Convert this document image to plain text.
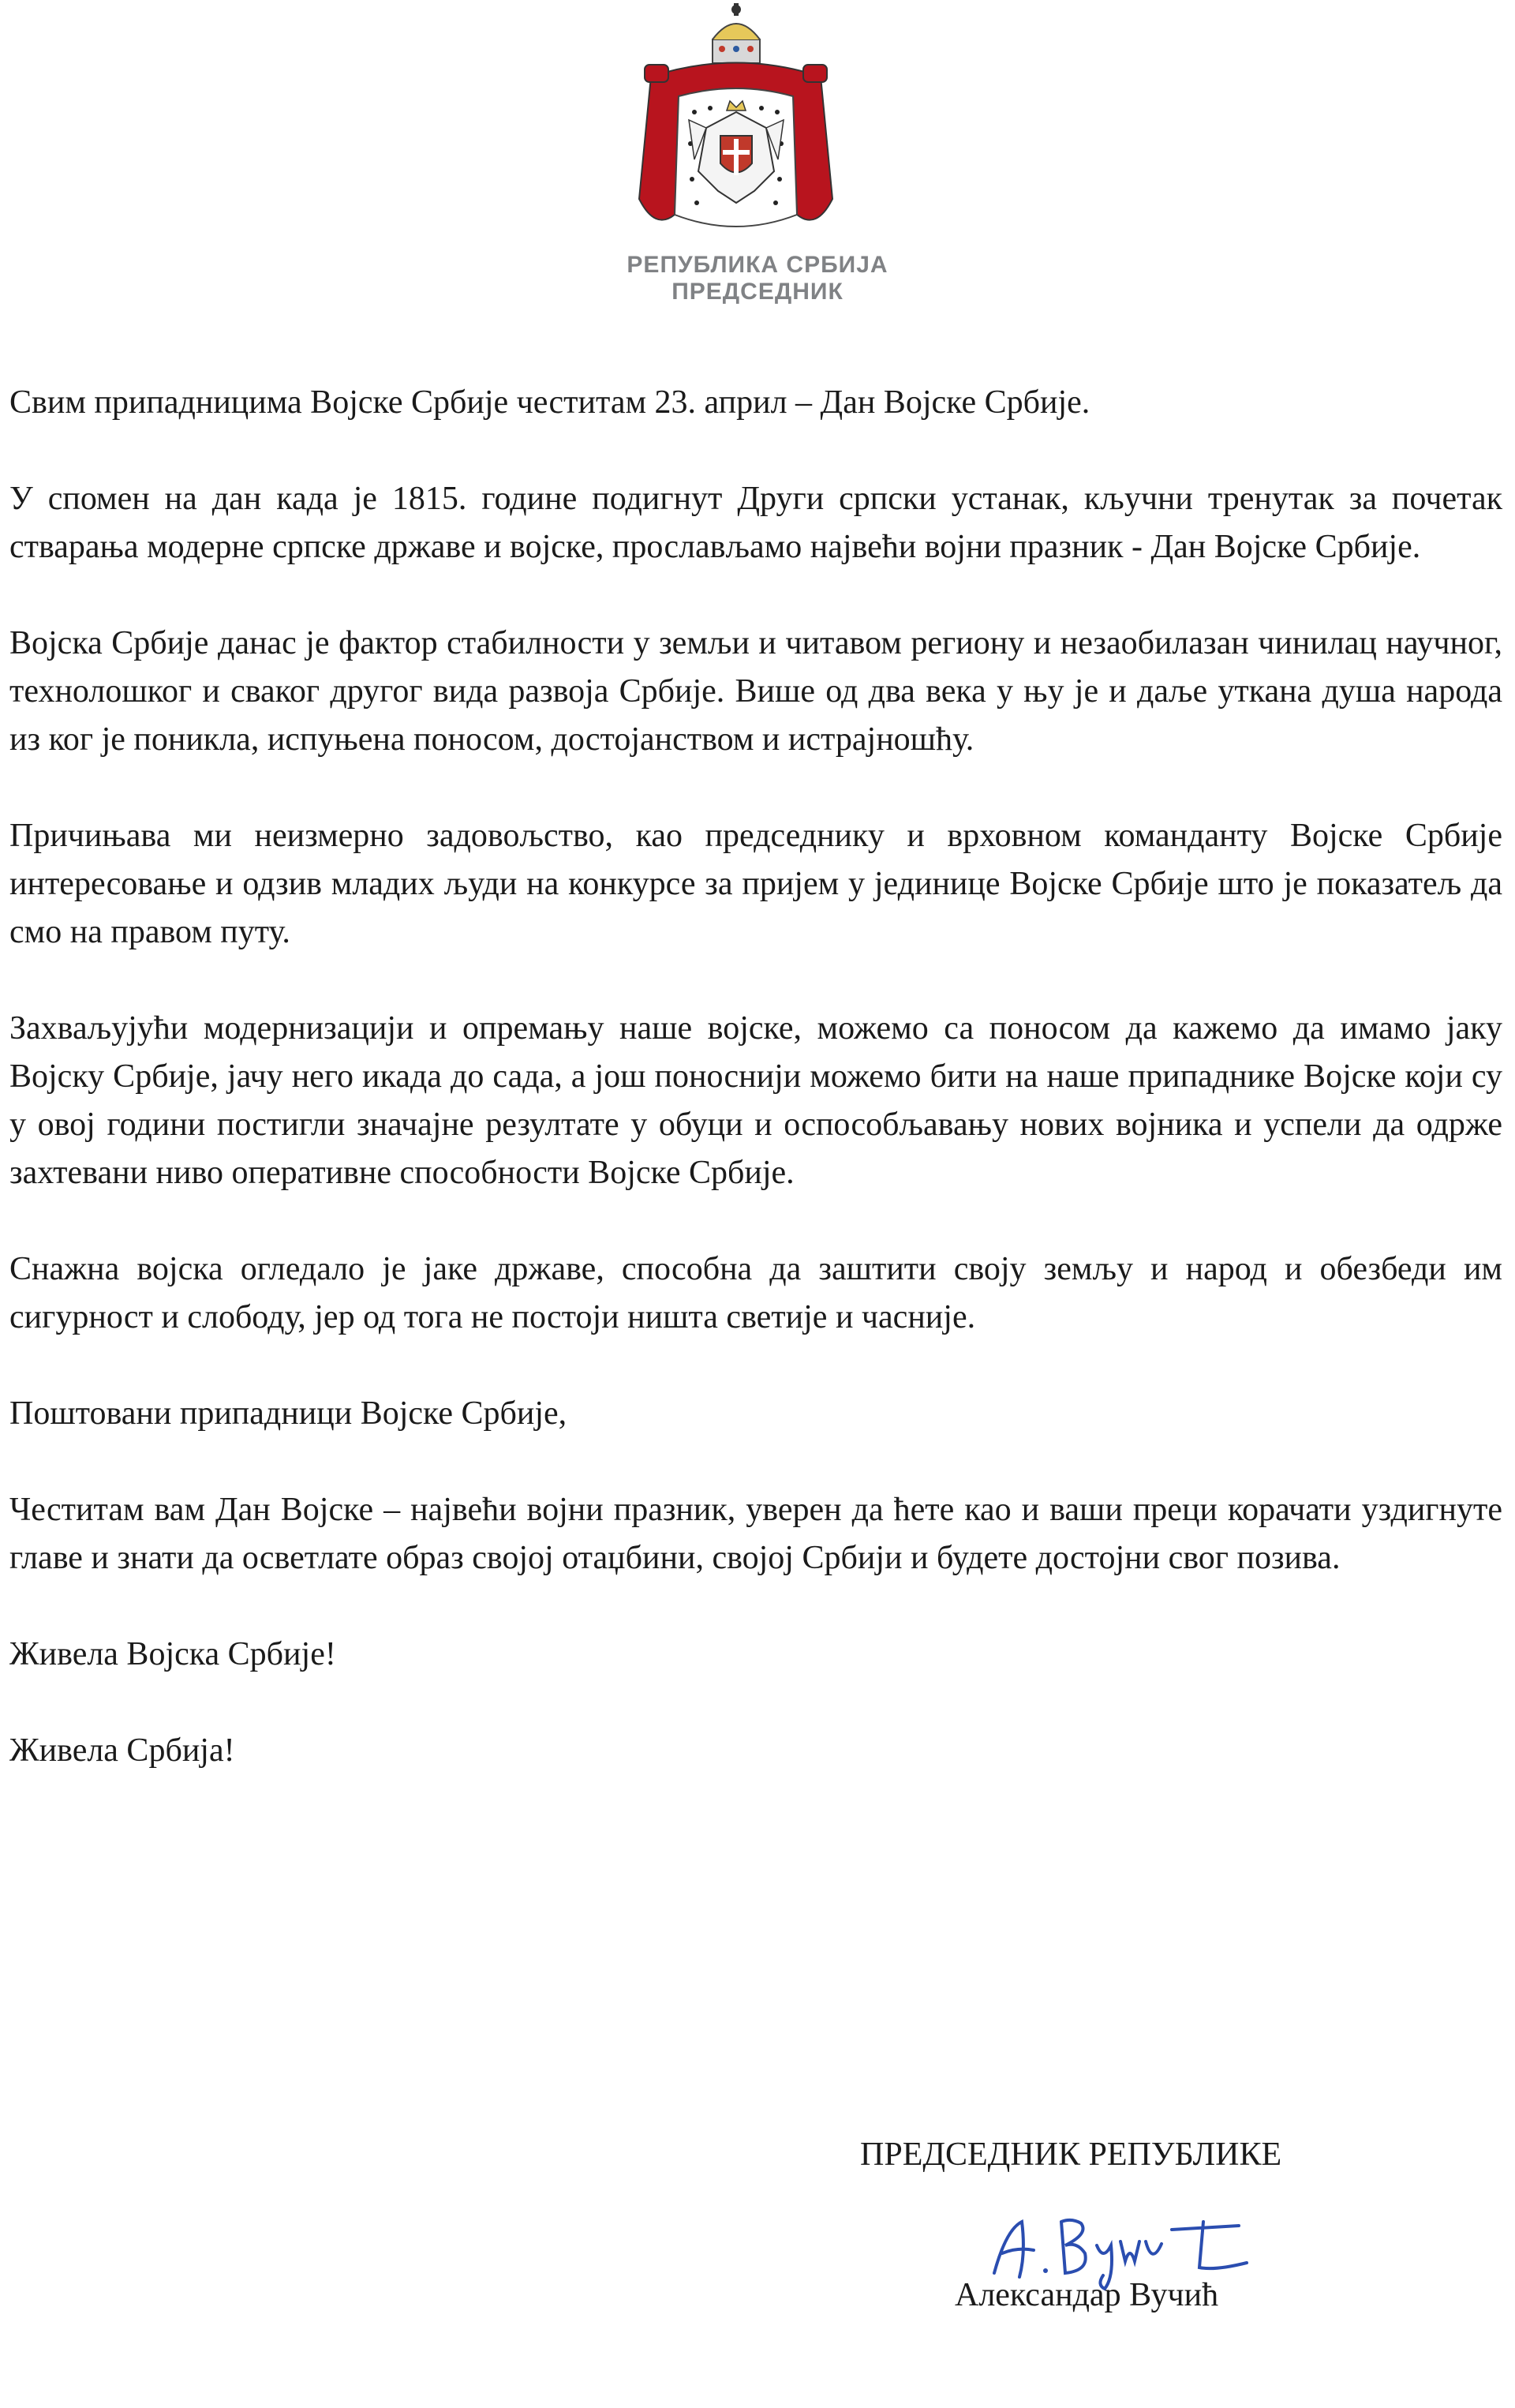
РЕПУБЛИКА СРБИЈА
ПРЕДСЕДНИК

Свим припадницима Војске Србије честитам 23. април – Дан Војске Србије.

У спомен на дан када је 1815. године подигнут Други српски устанак, кључни тренутак за почетак стварања модерне српске државе и војске, прослављамо највећи војни празник - Дан Војске Србије.

Војска Србије данас је фактор стабилности у земљи и читавом региону и незаобилазан чинилац научног, технолошког и сваког другог вида развоја Србије. Више од два века у њу је и даље уткана душа народа из ког је поникла, испуњена поносом, достојанством и истрајношћу.

Причињава ми неизмерно задовољство, као председнику и врховном команданту Војске Србије интересовање и одзив младих људи на конкурсе за пријем у јединице Војске Србије што је показатељ да смо на правом путу.

Захваљујући модернизацији и опремању наше војске, можемо са поносом да кажемо да имамо јаку Војску Србије, јачу него икада до сада, а још поноснији можемо бити на наше припаднике Војске који су у овој години постигли значајне резултате у обуци и оспособљавању нових војника и успели да одрже захтевани ниво оперативне способности Војске Србије.

Снажна војска огледало је јаке државе, способна да заштити своју земљу и народ и обезбеди им сигурност и слободу, јер од тога не постоји ништа светије и часније.

Поштовани припадници Војске Србије,

Честитам вам Дан Војске – највећи војни празник, уверен да ћете као и ваши преци корачати уздигнуте главе и знати да осветлате образ својој отаџбини, својој Србији и будете достојни свог позива.

Живела Војска Србије!

Живела Србија!

ПРЕДСЕДНИК РЕПУБЛИКЕ
Александар Вучић
